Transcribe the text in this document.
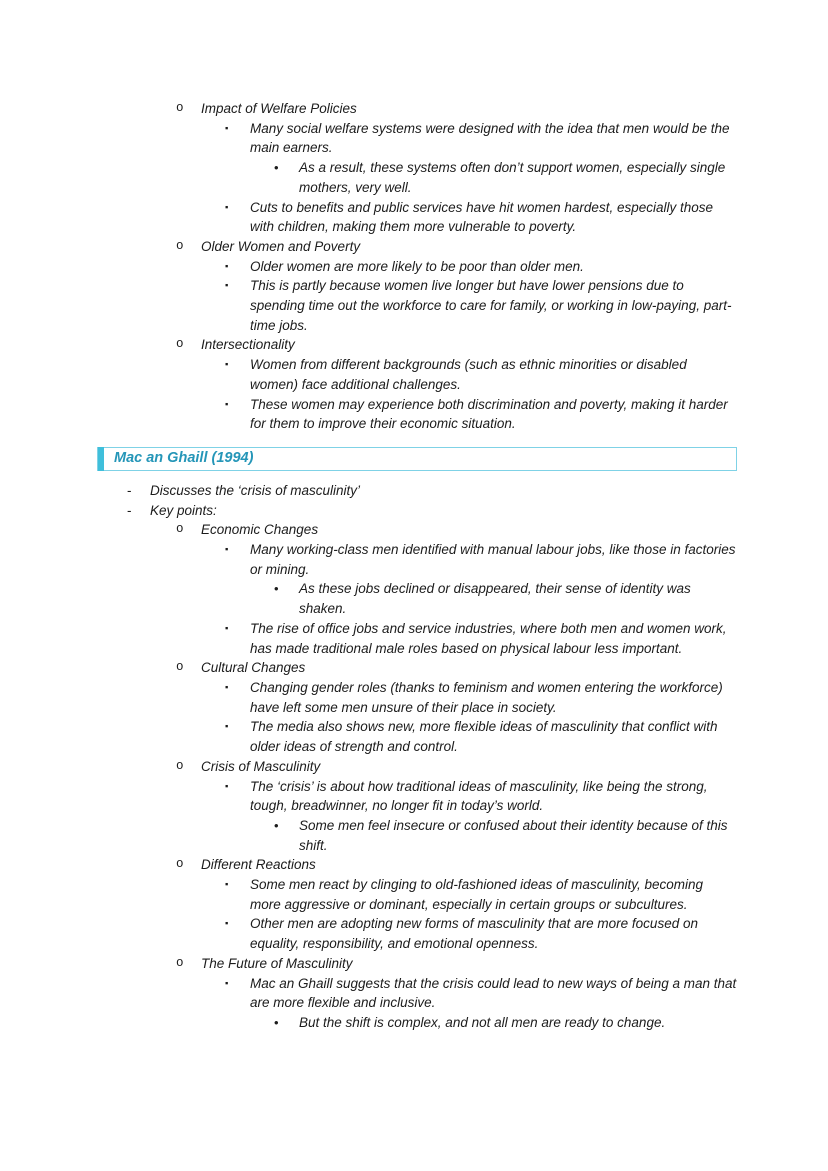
o Impact of Welfare Policies
▪ Many social welfare systems were designed with the idea that men would be the main earners.
• As a result, these systems often don’t support women, especially single mothers, very well.
▪ Cuts to benefits and public services have hit women hardest, especially those with children, making them more vulnerable to poverty.
o Older Women and Poverty
▪ Older women are more likely to be poor than older men.
▪ This is partly because women live longer but have lower pensions due to spending time out the workforce to care for family, or working in low-paying, part-time jobs.
o Intersectionality
▪ Women from different backgrounds (such as ethnic minorities or disabled women) face additional challenges.
▪ These women may experience both discrimination and poverty, making it harder for them to improve their economic situation.
Mac an Ghaill (1994)
- Discusses the ‘crisis of masculinity’
- Key points:
o Economic Changes
▪ Many working-class men identified with manual labour jobs, like those in factories or mining.
• As these jobs declined or disappeared, their sense of identity was shaken.
▪ The rise of office jobs and service industries, where both men and women work, has made traditional male roles based on physical labour less important.
o Cultural Changes
▪ Changing gender roles (thanks to feminism and women entering the workforce) have left some men unsure of their place in society.
▪ The media also shows new, more flexible ideas of masculinity that conflict with older ideas of strength and control.
o Crisis of Masculinity
▪ The ‘crisis’ is about how traditional ideas of masculinity, like being the strong, tough, breadwinner, no longer fit in today’s world.
• Some men feel insecure or confused about their identity because of this shift.
o Different Reactions
▪ Some men react by clinging to old-fashioned ideas of masculinity, becoming more aggressive or dominant, especially in certain groups or subcultures.
▪ Other men are adopting new forms of masculinity that are more focused on equality, responsibility, and emotional openness.
o The Future of Masculinity
▪ Mac an Ghaill suggests that the crisis could lead to new ways of being a man that are more flexible and inclusive.
• But the shift is complex, and not all men are ready to change.
